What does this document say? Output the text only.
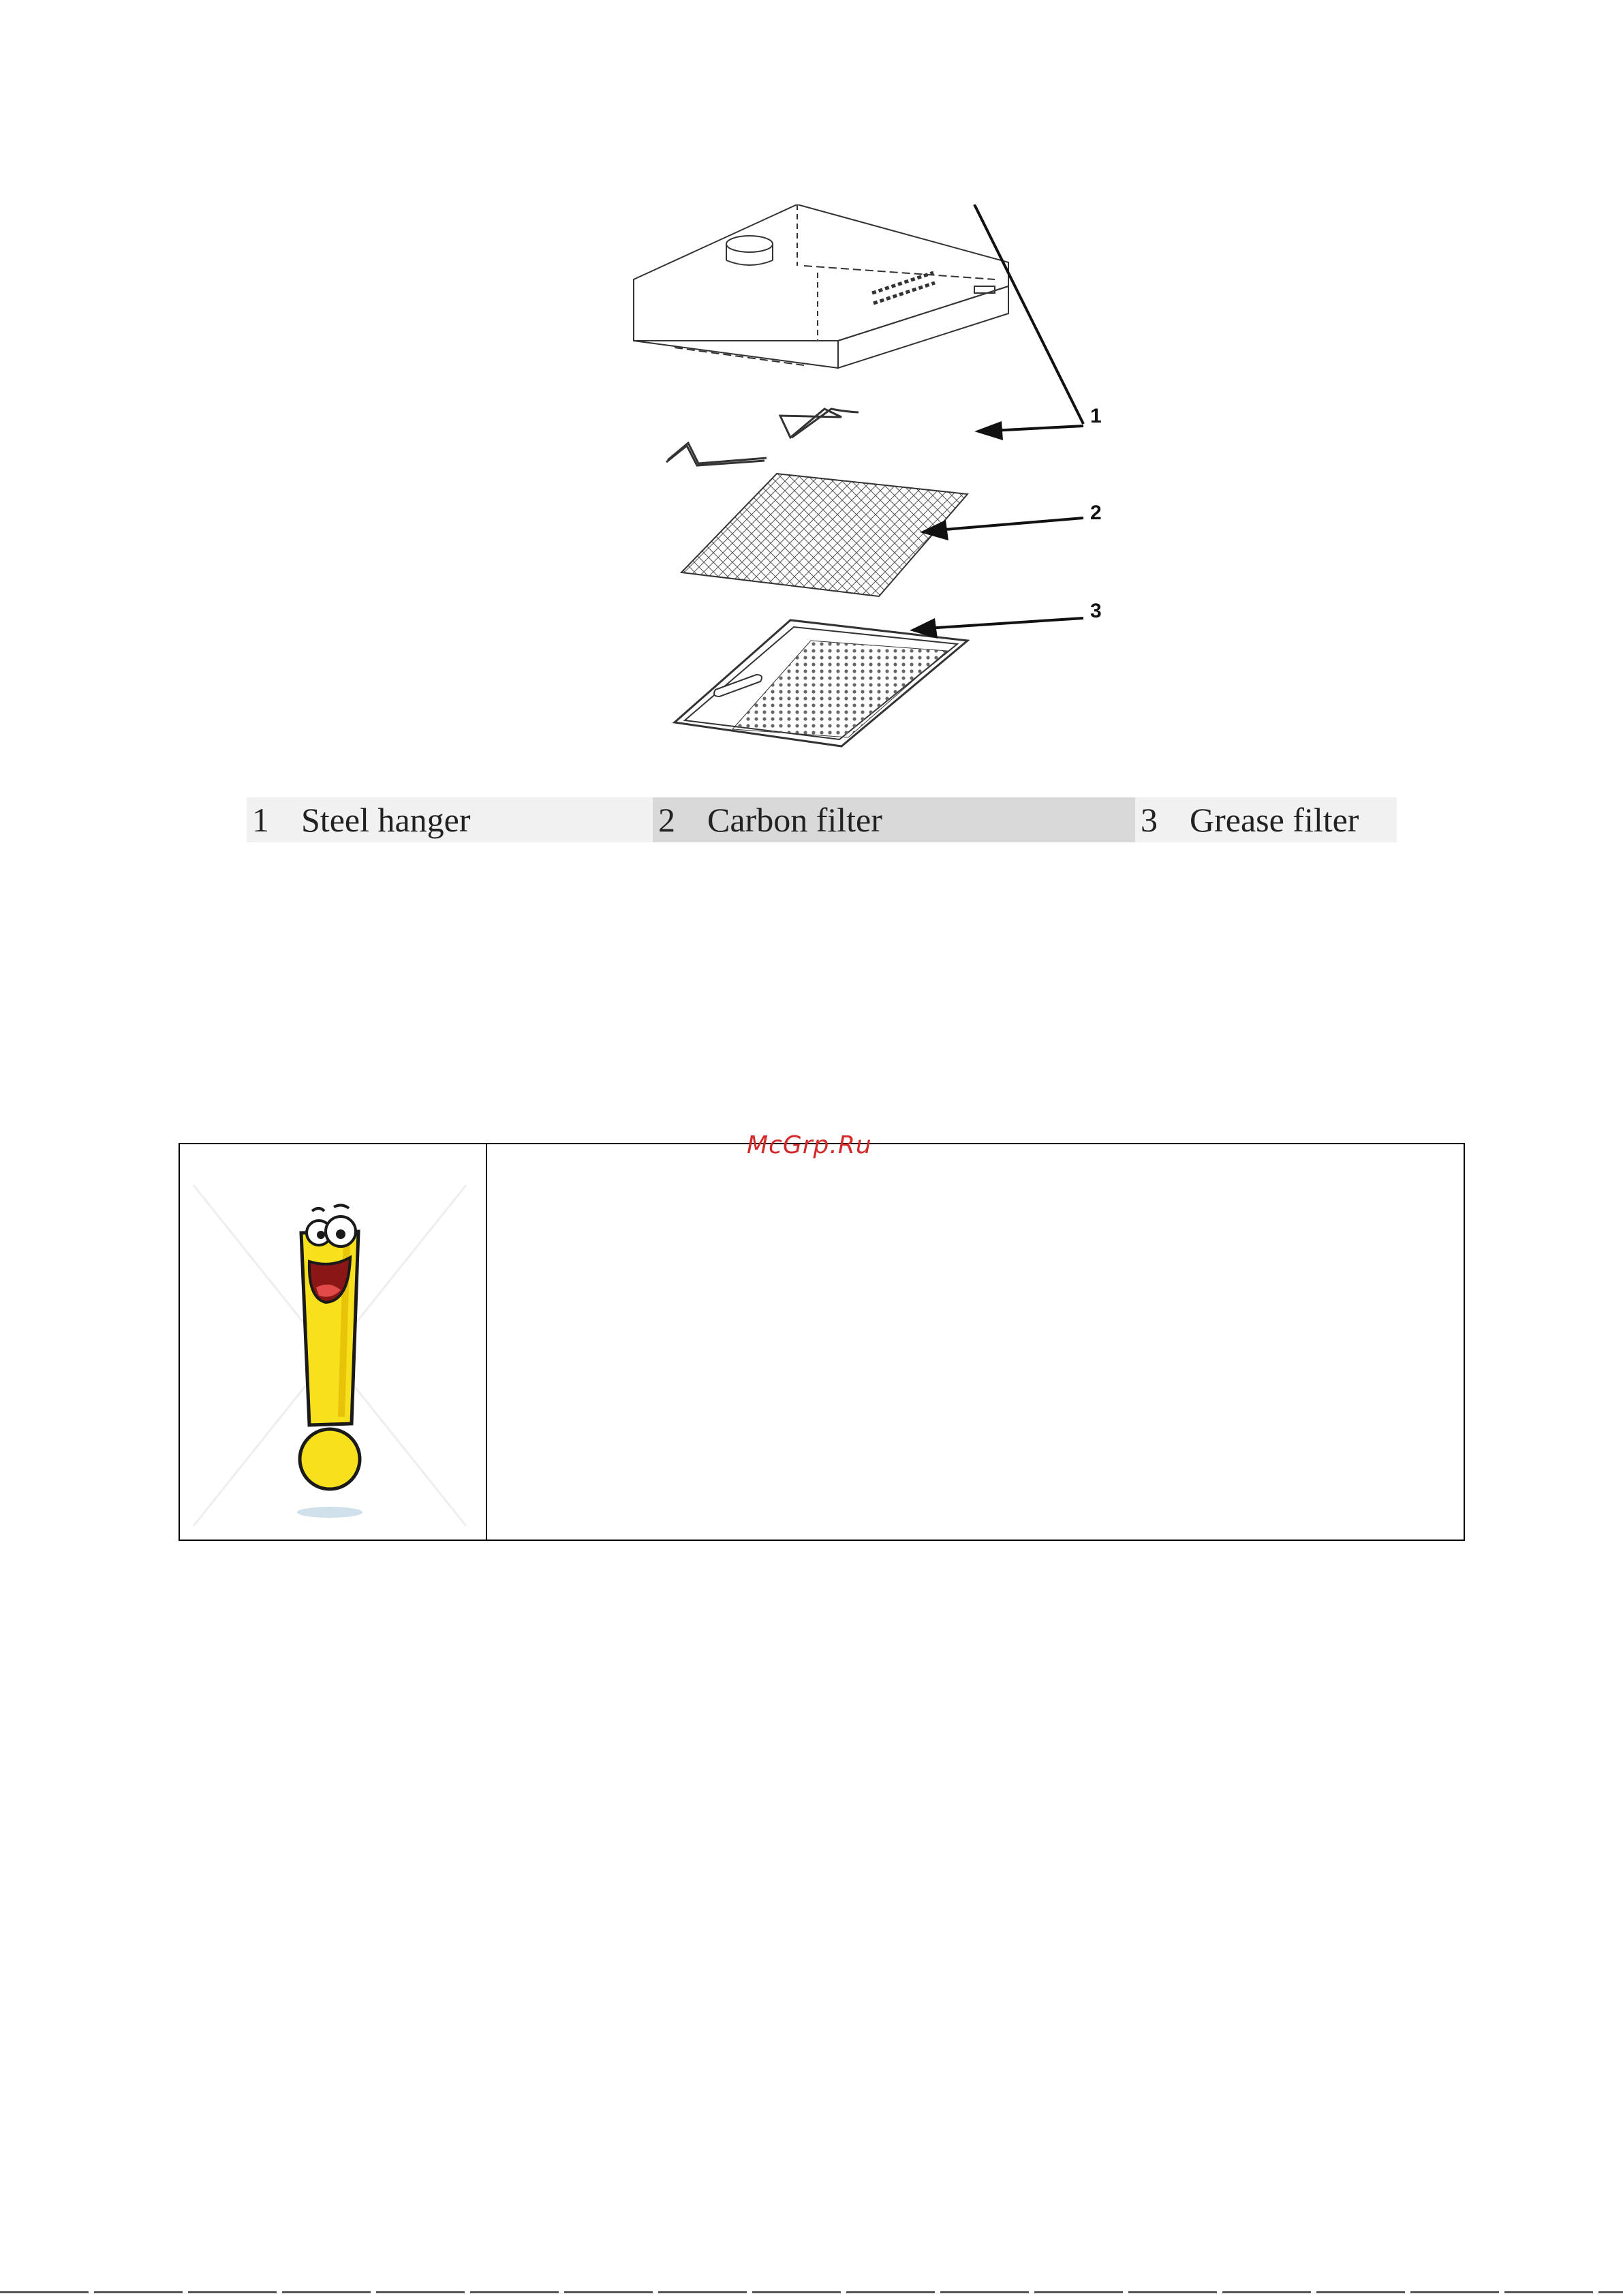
1
2
3
1 Steel hanger	2 Carbon filter	3 Grease filter
McGrp.Ru
